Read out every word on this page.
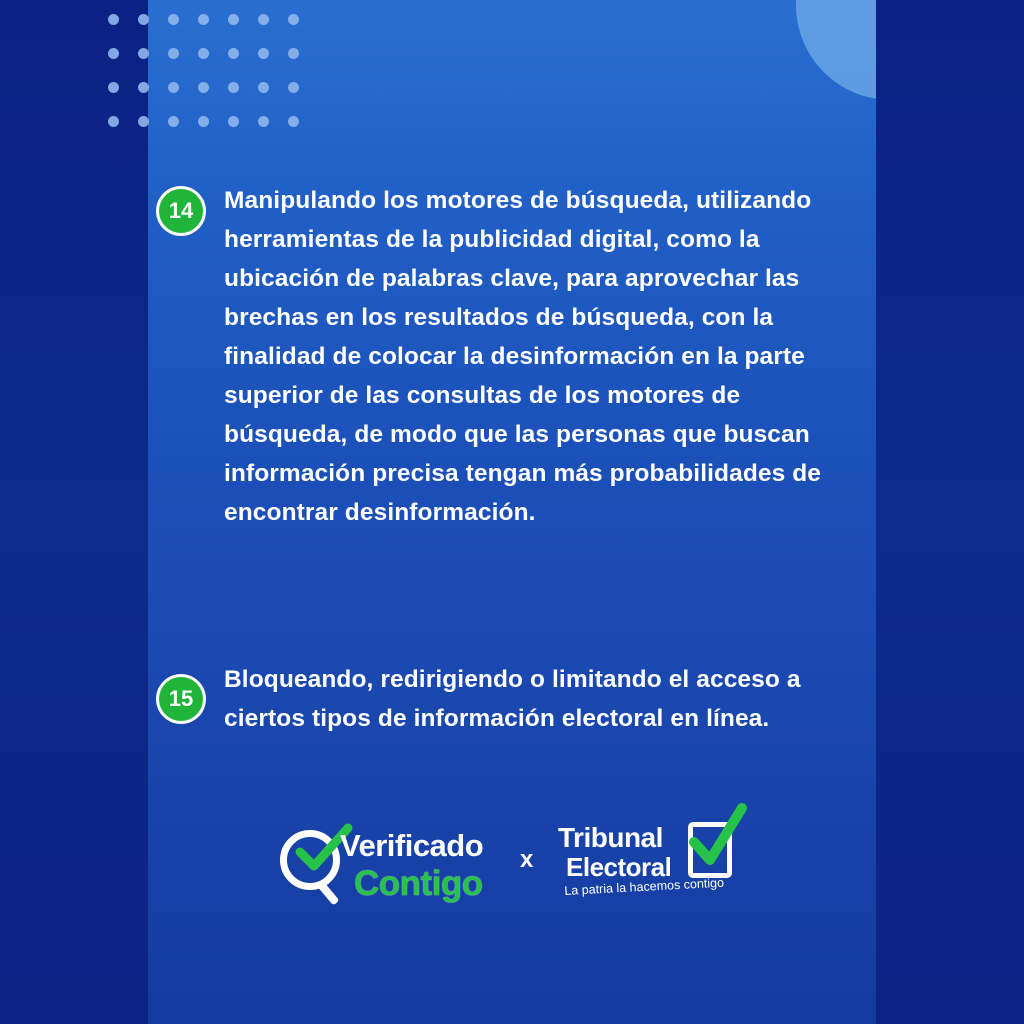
14	Manipulando los motores de búsqueda, utilizando
herramientas de la publicidad digital, como la
ubicación de palabras clave, para aprovechar las
brechas en los resultados de búsqueda, con la
finalidad de colocar la desinformación en la parte
superior de las consultas de los motores de
búsqueda, de modo que las personas que buscan
información precisa tengan más probabilidades de
encontrar desinformación.
15
Bloqueando, redirigiendo o limitando el acceso a
ciertos tipos de información electoral en línea.
Verificado
Contigo
x
Tribunal
Electoral
La patria la hacemos contigo
